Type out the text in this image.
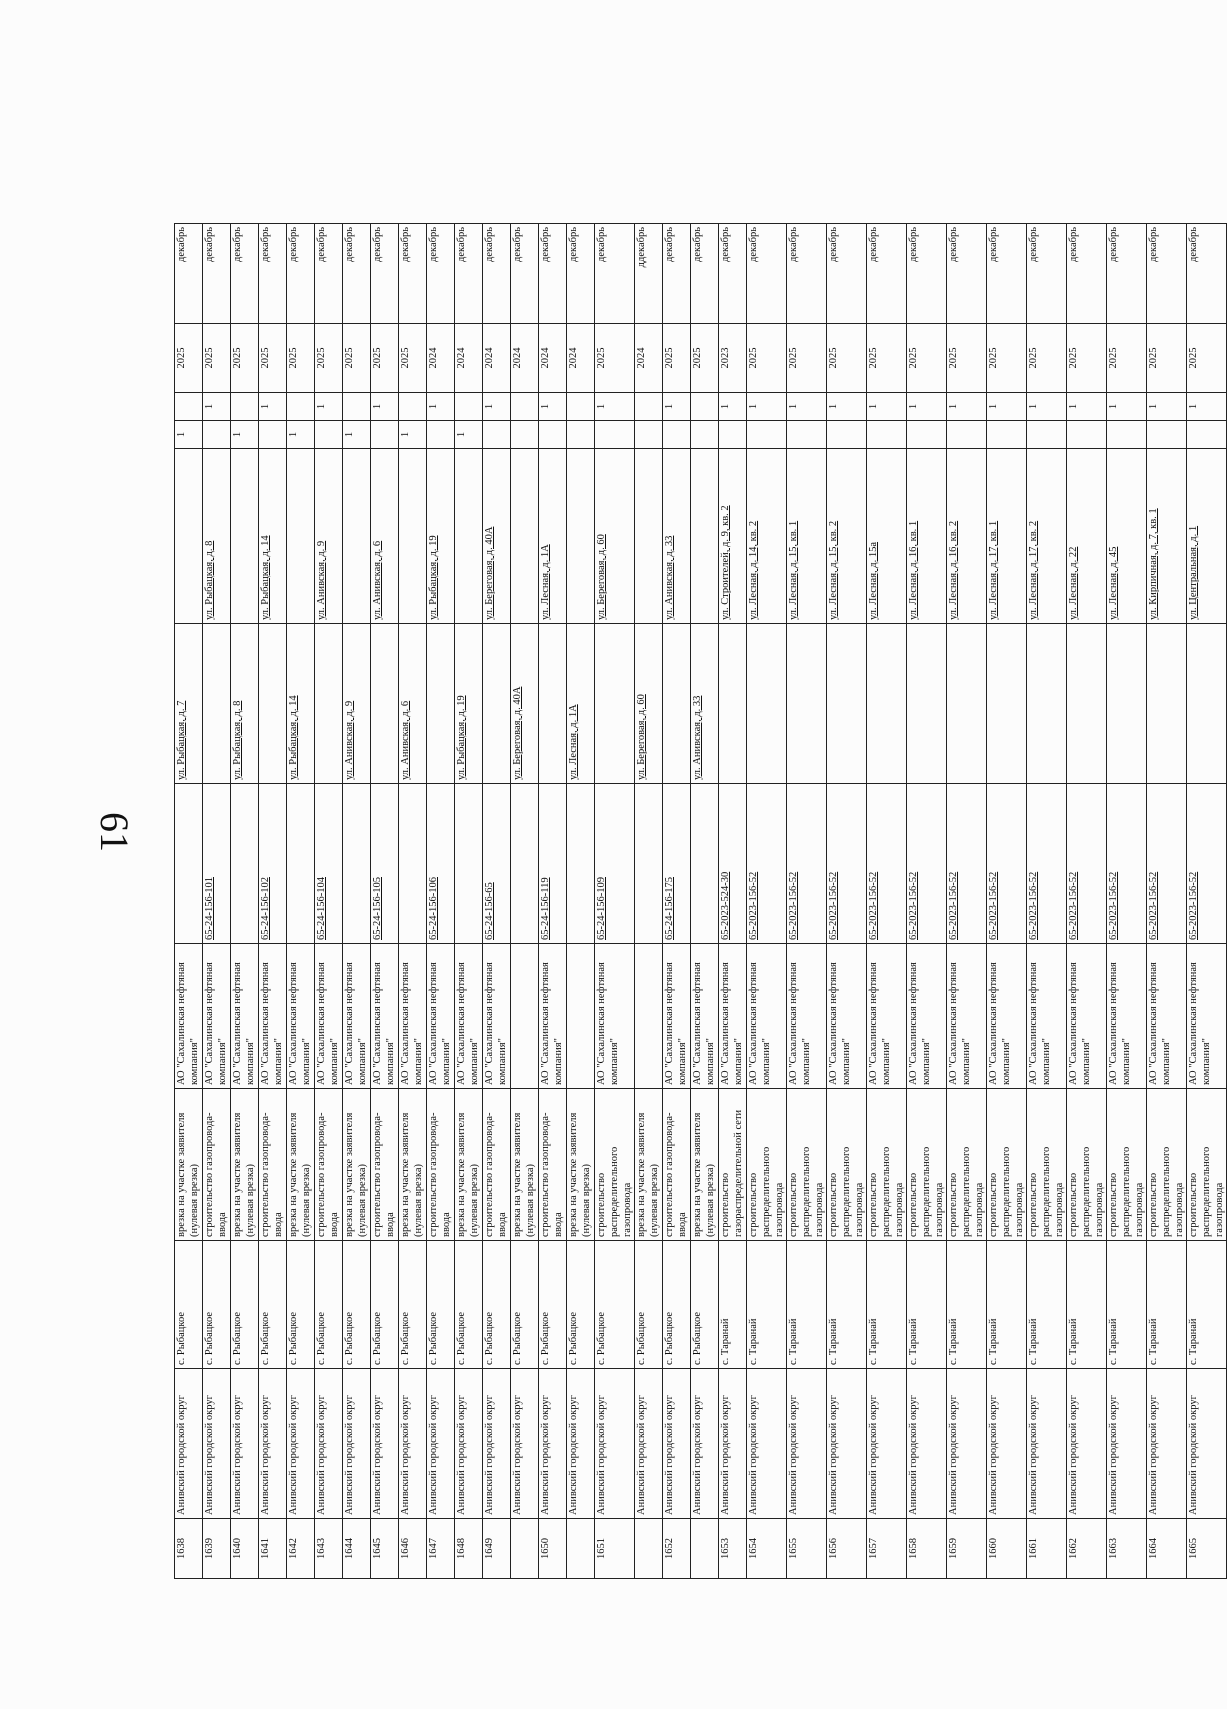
61
1638	Анивский городской округ	с. Рыбацкое	врезка на участке заявителя (нулевая врезка)	АО "Сахалинская нефтяная компания"		ул. Рыбацкая, д. 7		1		2025	декабрь
1639	Анивский городской округ	с. Рыбацкое	строительство газопровода-ввода	АО "Сахалинская нефтяная компания"	65-24-156-101		ул. Рыбацкая, д. 8		1	2025	декабрь
1640	Анивский городской округ	с. Рыбацкое	врезка на участке заявителя (нулевая врезка)	АО "Сахалинская нефтяная компания"		ул. Рыбацкая, д. 8		1		2025	декабрь
1641	Анивский городской округ	с. Рыбацкое	строительство газопровода-ввода	АО "Сахалинская нефтяная компания"	65-24-156-102		ул. Рыбацкая, д. 14		1	2025	декабрь
1642	Анивский городской округ	с. Рыбацкое	врезка на участке заявителя (нулевая врезка)	АО "Сахалинская нефтяная компания"		ул. Рыбацкая, д. 14		1		2025	декабрь
1643	Анивский городской округ	с. Рыбацкое	строительство газопровода-ввода	АО "Сахалинская нефтяная компания"	65-24-156-104		ул. Анивская, д. 9		1	2025	декабрь
1644	Анивский городской округ	с. Рыбацкое	врезка на участке заявителя (нулевая врезка)	АО "Сахалинская нефтяная компания"		ул. Анивская, д. 9		1		2025	декабрь
1645	Анивский городской округ	с. Рыбацкое	строительство газопровода-ввода	АО "Сахалинская нефтяная компания"	65-24-156-105		ул. Анивская, д. 6		1	2025	декабрь
1646	Анивский городской округ	с. Рыбацкое	врезка на участке заявителя (нулевая врезка)	АО "Сахалинская нефтяная компания"		ул. Анивская, д. 6		1		2025	декабрь
1647	Анивский городской округ	с. Рыбацкое	строительство газопровода-ввода	АО "Сахалинская нефтяная компания"	65-24-156-106		ул. Рыбацкая, д. 19		1	2024	декабрь
1648	Анивский городской округ	с. Рыбацкое	врезка на участке заявителя (нулевая врезка)	АО "Сахалинская нефтяная компания"		ул. Рыбацкая, д. 19		1		2024	декабрь
1649	Анивский городской округ	с. Рыбацкое	строительство газопровода-ввода	АО "Сахалинская нефтяная компания"	65-24-156-65		ул. Береговая, д. 40А		1	2024	декабрь
	Анивский городской округ	с. Рыбацкое	врезка на участке заявителя (нулевая врезка)			ул. Береговая, д. 40А				2024	декабрь
1650	Анивский городской округ	с. Рыбацкое	строительство газопровода-ввода	АО "Сахалинская нефтяная компания"	65-24-156-119		ул. Лесная, д. 1А		1	2024	декабрь
	Анивский городской округ	с. Рыбацкое	врезка на участке заявителя (нулевая врезка)			ул. Лесная, д. 1А				2024	декабрь
1651	Анивский городской округ	с. Рыбацкое	строительство распределительного газопровода	АО "Сахалинская нефтяная компания"	65-24-156-109		ул. Береговая, д. 60		1	2025	декабрь
	Анивский городской округ	с. Рыбацкое	врезка на участке заявителя (нулевая врезка)			ул. Береговая, д. 60				2024	ддекабрь
1652	Анивский городской округ	с. Рыбацкое	строительство газопровода-ввода	АО "Сахалинская нефтяная компания"	65-24-156-175		ул. Анивская, д. 33		1	2025	декабрь
	Анивский городской округ	с. Рыбацкое	врезка на участке заявителя (нулевая врезка)	АО "Сахалинская нефтяная компания"		ул. Анивская, д. 33				2025	декабрь
1653	Анивский городской округ	с. Таранай	строительство газораспределительной сети	АО "Сахалинская нефтяная компания"	65-2023-524-30		ул. Строителей, д. 9, кв. 2		1	2023	декабрь
1654	Анивский городской округ	с. Таранай	строительство распределительного газопровода	АО "Сахалинская нефтяная компания"	65-2023-156-52		ул. Лесная, д. 14, кв. 2		1	2025	декабрь
1655	Анивский городской округ	с. Таранай	строительство распределительного газопровода	АО "Сахалинская нефтяная компания"	65-2023-156-52		ул. Лесная, д. 15, кв. 1		1	2025	декабрь
1656	Анивский городской округ	с. Таранай	строительство распределительного газопровода	АО "Сахалинская нефтяная компания"	65-2023-156-52		ул. Лесная, д. 15, кв. 2		1	2025	декабрь
1657	Анивский городской округ	с. Таранай	строительство распределительного газопровода	АО "Сахалинская нефтяная компания"	65-2023-156-52		ул. Лесная, д. 15а		1	2025	декабрь
1658	Анивский городской округ	с. Таранай	строительство распределительного газопровода	АО "Сахалинская нефтяная компания"	65-2023-156-52		ул. Лесная, д. 16, кв. 1		1	2025	декабрь
1659	Анивский городской округ	с. Таранай	строительство распределительного газопровода	АО "Сахалинская нефтяная компания"	65-2023-156-52		ул. Лесная, д. 16, кв. 2		1	2025	декабрь
1660	Анивский городской округ	с. Таранай	строительство распределительного газопровода	АО "Сахалинская нефтяная компания"	65-2023-156-52		ул. Лесная, д. 17, кв. 1		1	2025	декабрь
1661	Анивский городской округ	с. Таранай	строительство распределительного газопровода	АО "Сахалинская нефтяная компания"	65-2023-156-52		ул. Лесная, д. 17, кв. 2		1	2025	декабрь
1662	Анивский городской округ	с. Таранай	строительство распределительного газопровода	АО "Сахалинская нефтяная компания"	65-2023-156-52		ул. Лесная, д. 22		1	2025	декабрь
1663	Анивский городской округ	с. Таранай	строительство распределительного газопровода	АО "Сахалинская нефтяная компания"	65-2023-156-52		ул. Лесная, д. 45		1	2025	декабрь
1664	Анивский городской округ	с. Таранай	строительство распределительного газопровода	АО "Сахалинская нефтяная компания"	65-2023-156-52		ул. Кирпичная, д. 7, кв. 1		1	2025	декабрь
1665	Анивский городской округ	с. Таранай	строительство распределительного газопровода	АО "Сахалинская нефтяная компания"	65-2023-156-52		ул. Центральная, д. 1		1	2025	декабрь
